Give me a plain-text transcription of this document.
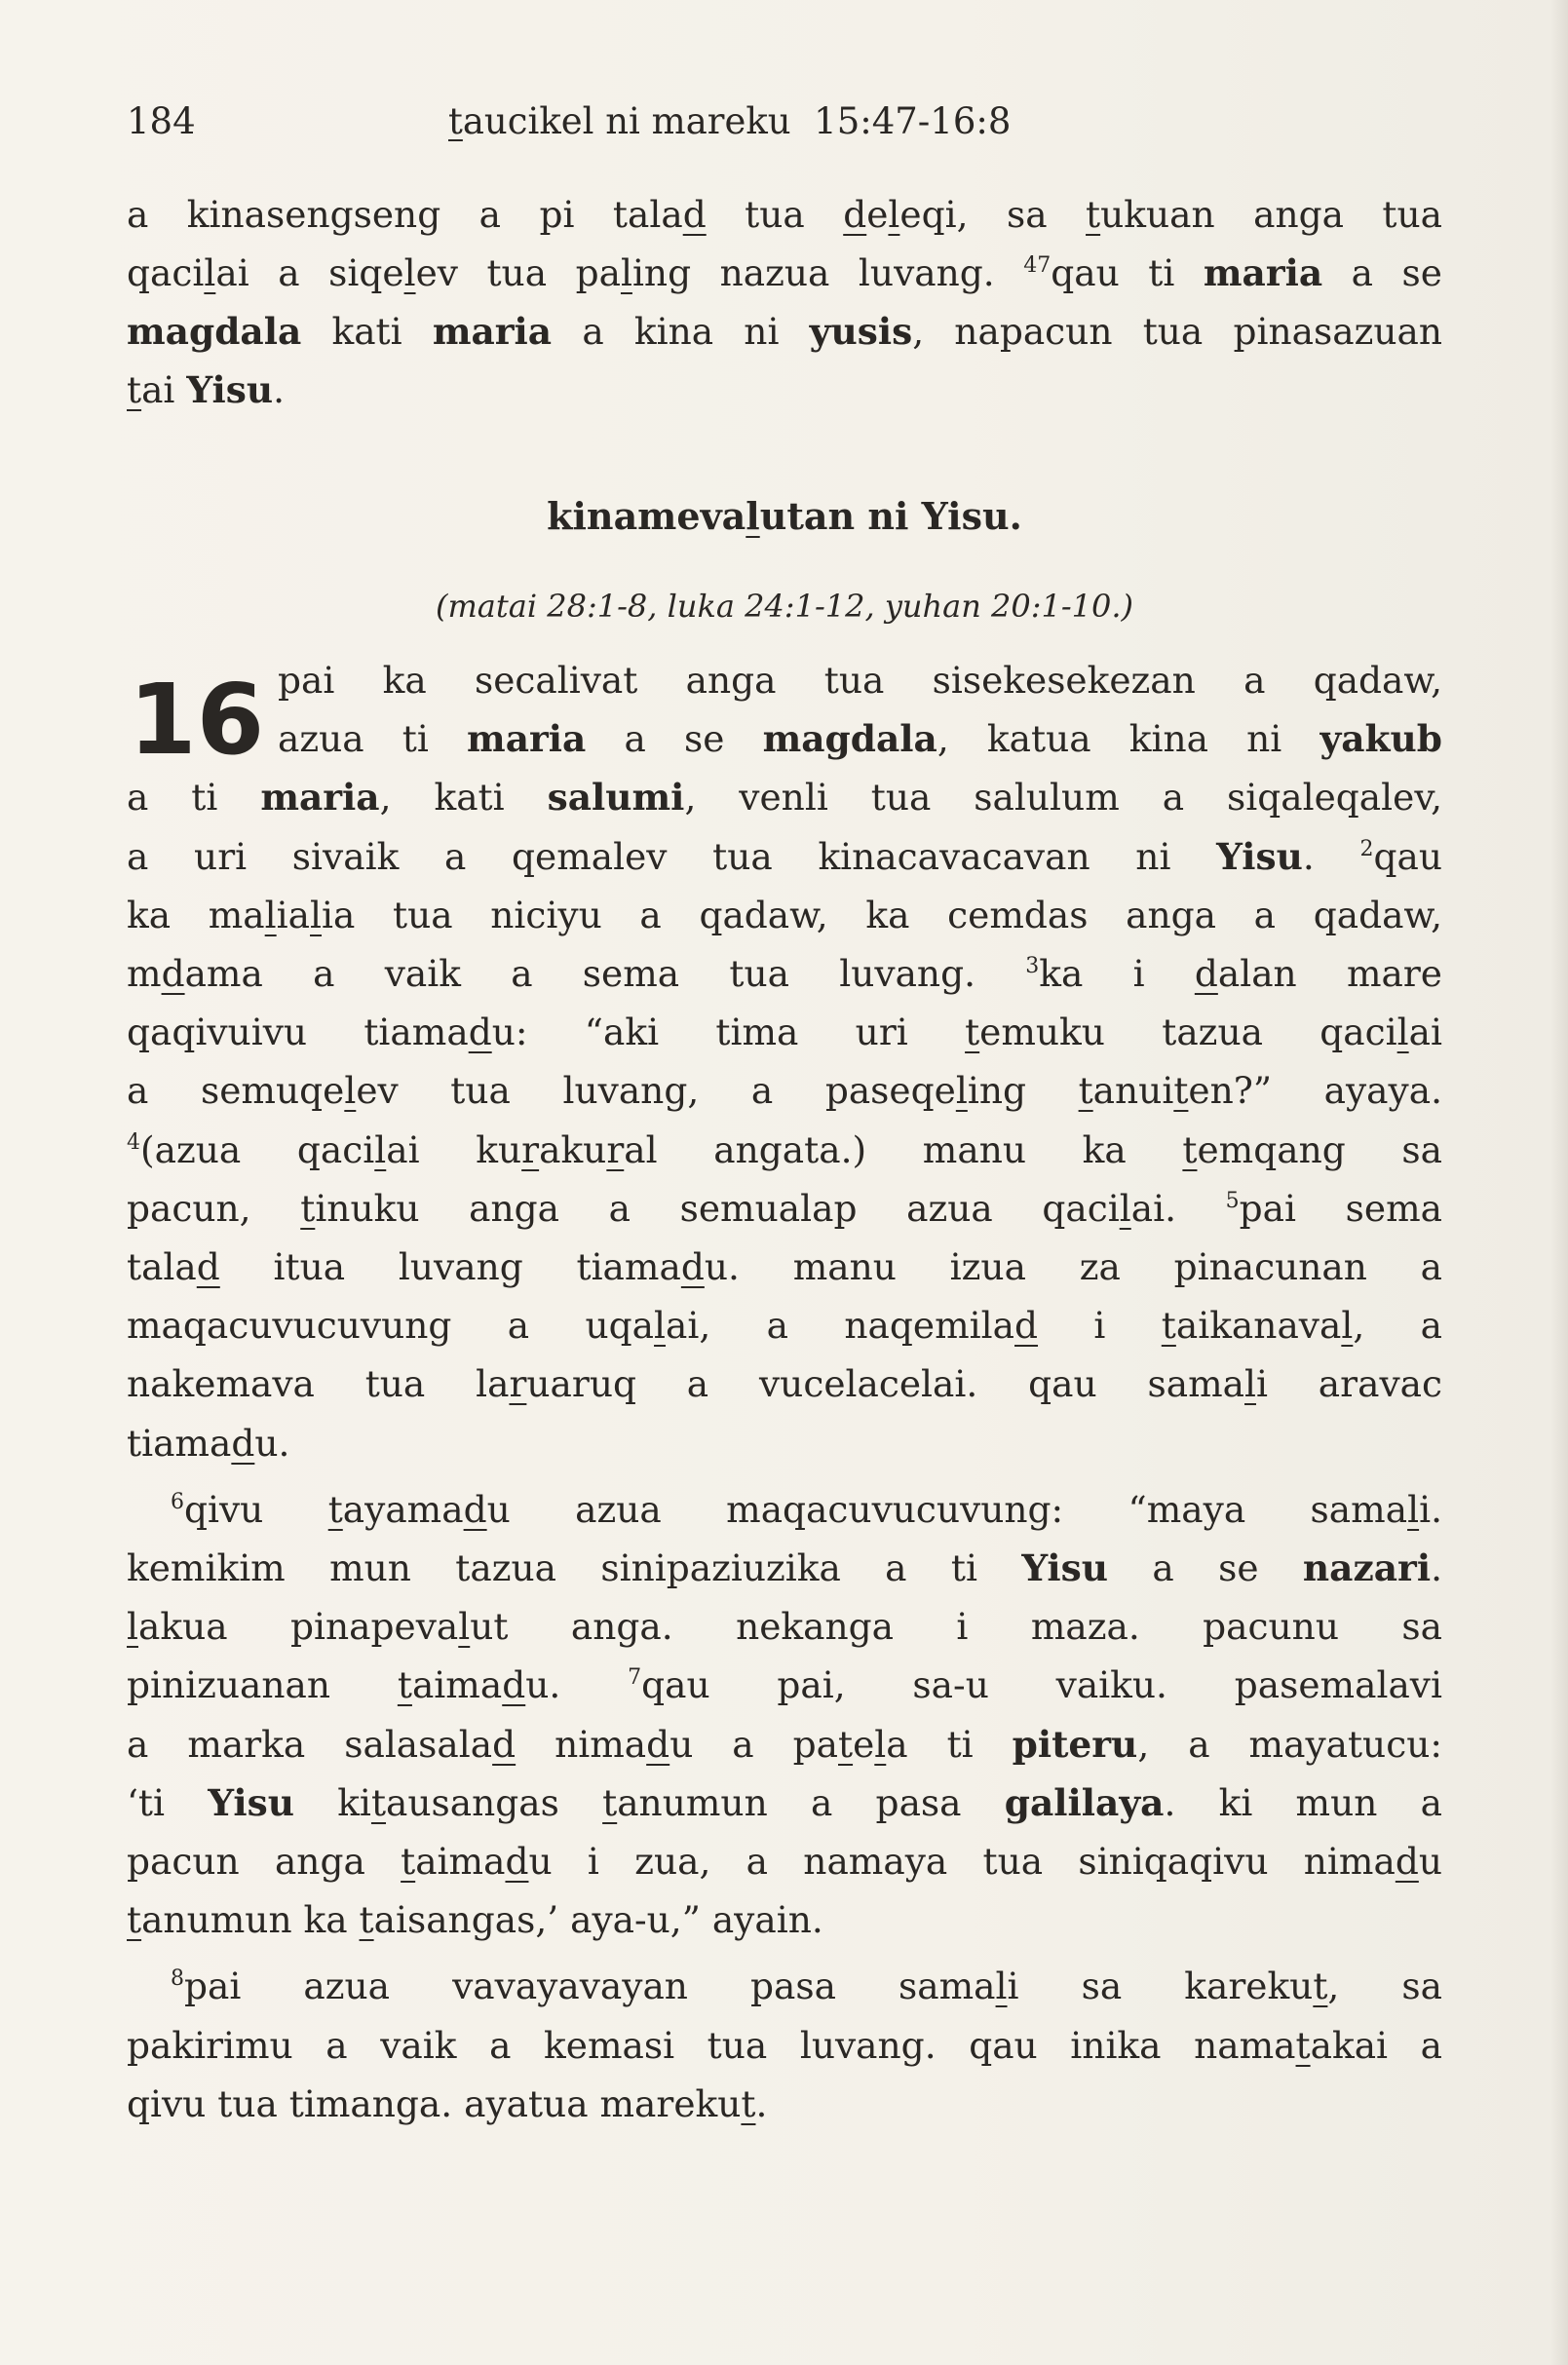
184	taucikel ni mareku 15:47-16:8
a kinasengseng a pi talad tua deleqi, sa tukuan anga tua
qacilai a siqelev tua paling nazua luvang. $^{47}$qau ti maria a se
magdala kati maria a kina ni yusis, napacun tua pinasazuan
tai Yisu.
kinamevalutan ni Yisu.
(matai 28:1-8, luka 24:1-12, yuhan 20:1-10.)
16 pai ka secalivat anga tua sisekesekezan a qadaw,
azua ti maria a se magdala, katua kina ni yakub
a ti maria, kati salumi, venli tua salulum a siqaleqalev,
a uri sivaik a qemalev tua kinacavacavan ni Yisu. $^2$qau
ka malialia tua niciyu a qadaw, ka cemdas anga a qadaw,
mdama a vaik a sema tua luvang. $^3$ka i dalan mare
qaqivuivu tiamadu: “aki tima uri temuku tazua qacilai
a semuqelev tua luvang, a paseqeling tanuiten?” ayaya.
$^4$(azua qacilai kurakural angata.) manu ka temqang sa
pacun, tinuku anga a semualap azua qacilai. $^5$pai sema
talad itua luvang tiamadu. manu izua za pinacunan a
maqacuvucuvung a uqalai, a naqemilad i taikanaval, a
nakemava tua laruaruq a vucelacelai. qau samali aravac
tiamadu.
$^6$qivu tayamadu azua maqacuvucuvung: “maya samali.
kemikim mun tazua sinipaziuzika a ti Yisu a se nazari.
lakua pinapevalut anga. nekanga i maza. pacunu sa
pinizuanan taimadu. $^7$qau pai, sa-u vaiku. pasemalavi
a marka salasalad nimadu a patela ti piteru, a mayatucu:
‘ti Yisu kitausangas tanumun a pasa galilaya. ki mun a
pacun anga taimadu i zua, a namaya tua siniqaqivu nimadu
tanumun ka taisangas,’ aya-u,” ayain.
$^8$pai azua vavayavayan pasa samali sa karekut, sa
pakirimu a vaik a kemasi tua luvang. qau inika namatakai a
qivu tua timanga. ayatua marekut.
